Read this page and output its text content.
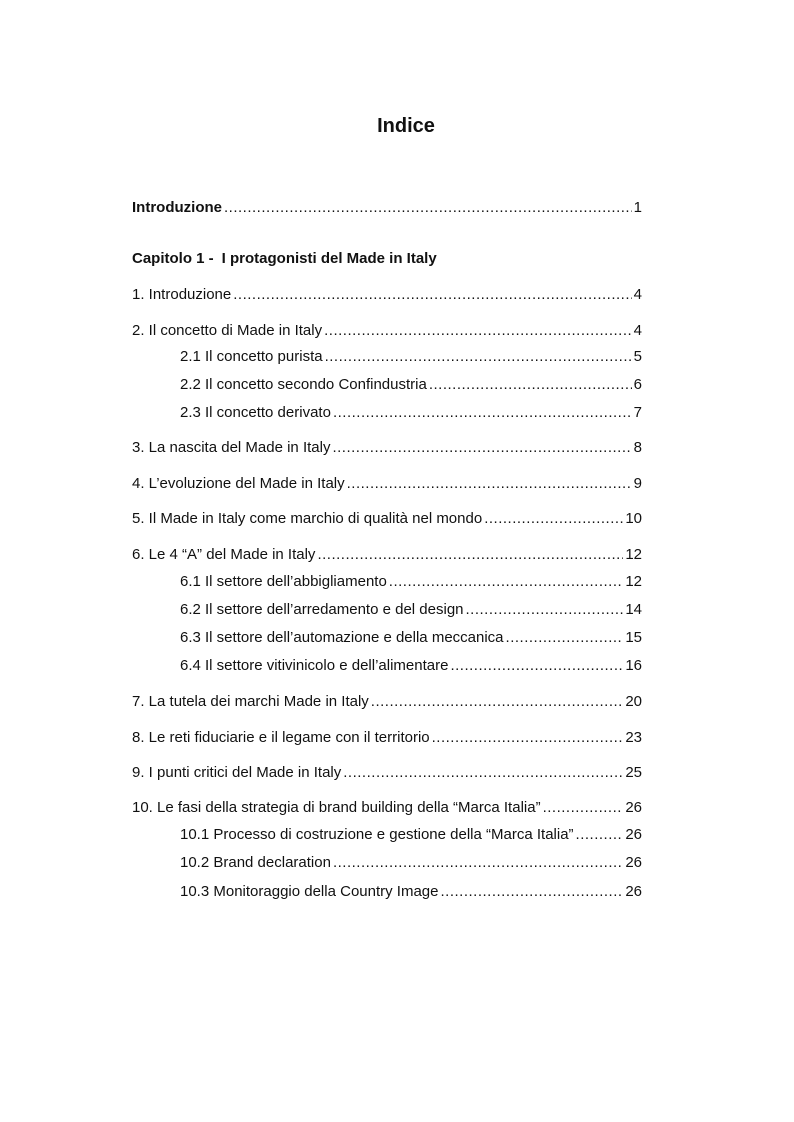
Indice
Introduzione .....	1
Capitolo 1 - I protagonisti del Made in Italy
1. Introduzione .....	4
2. Il concetto di Made in Italy .....	4
2.1 Il concetto purista .....	5
2.2 Il concetto secondo Confindustria .....	6
2.3 Il concetto derivato .....	7
3. La nascita del Made in Italy .....	8
4. L’evoluzione del Made in Italy .....	9
5. Il Made in Italy come marchio di qualità nel mondo .....	10
6. Le 4 “A” del Made in Italy .....	12
6.1 Il settore dell’abbigliamento .....	12
6.2 Il settore dell’arredamento e del design .....	14
6.3 Il settore dell’automazione e della meccanica .....	15
6.4 Il settore vitivinicolo e dell’alimentare .....	16
7. La tutela dei marchi Made in Italy .....	20
8. Le reti fiduciarie e il legame con il territorio .....	23
9. I punti critici del Made in Italy .....	25
10. Le fasi della strategia di brand building della “Marca Italia” .....	26
10.1 Processo di costruzione e gestione della “Marca Italia” .....	26
10.2 Brand declaration .....	26
10.3 Monitoraggio della Country Image .....	26
